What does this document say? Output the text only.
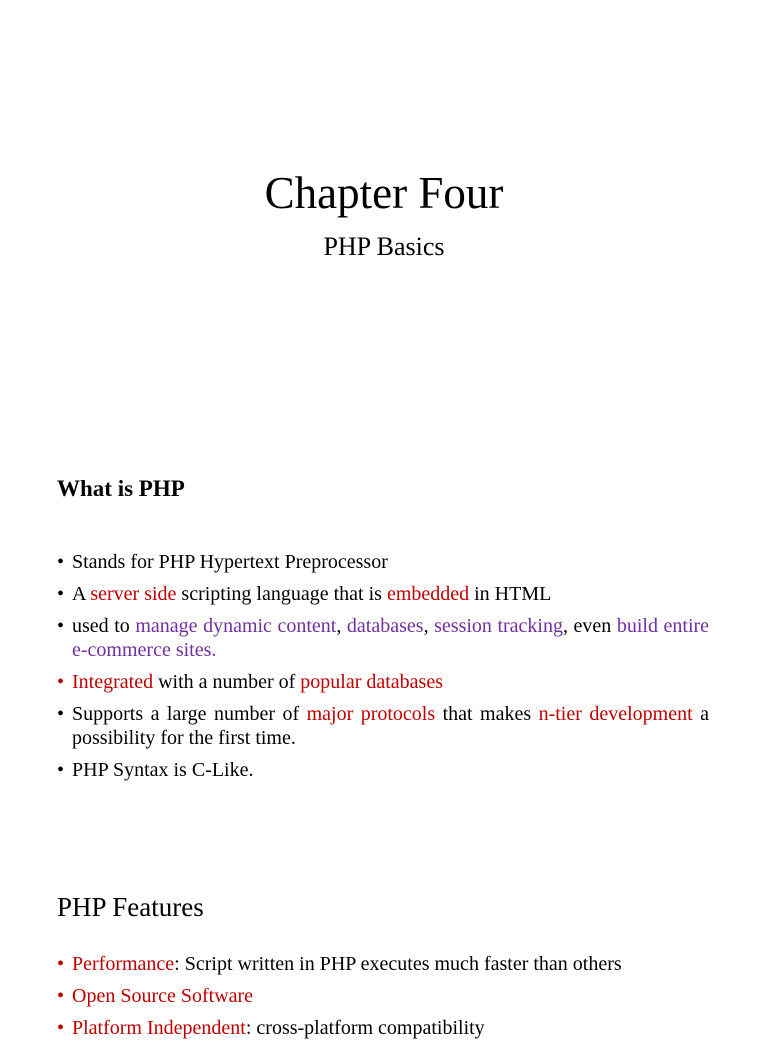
Chapter Four
PHP Basics
What is PHP
• Stands for PHP Hypertext Preprocessor
• A server side scripting language that is embedded in HTML
• used to manage dynamic content, databases, session tracking, even build entire e-commerce sites.
• Integrated with a number of popular databases
• Supports a large number of major protocols that makes n-tier development a possibility for the first time.
• PHP Syntax is C-Like.
PHP Features
• Performance: Script written in PHP executes much faster than others
• Open Source Software
• Platform Independent: cross-platform compatibility
